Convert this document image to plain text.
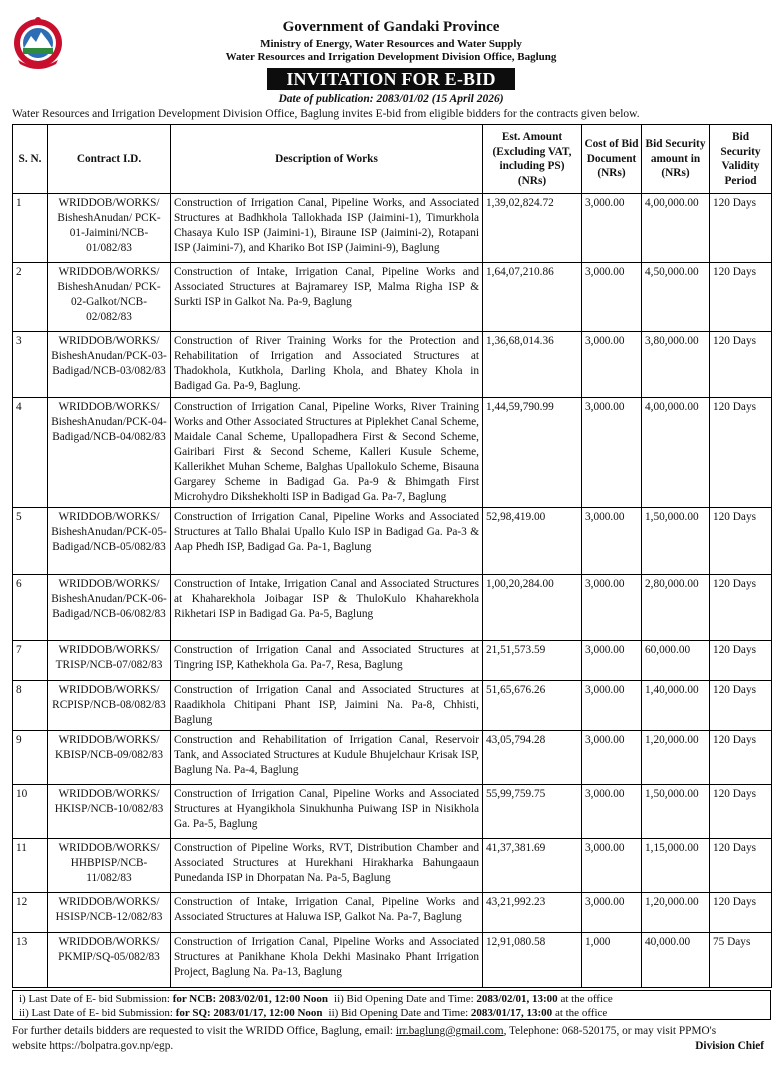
Government of Gandaki Province
Ministry of Energy, Water Resources and Water Supply
Water Resources and Irrigation Development Division Office, Baglung
INVITATION FOR E-BID
Date of publication: 2083/01/02 (15 April 2026)
Water Resources and Irrigation Development Division Office, Baglung invites E-bid from eligible bidders for the contracts given below.
S. N.	Contract I.D.	Description of Works	Est. Amount (Excluding VAT, including PS) (NRs)	Cost of Bid Document (NRs)	Bid Security amount in (NRs)	Bid Security Validity Period
1	WRIDDOB/WORKS/ BisheshAnudan/ PCK-01-Jaimini/NCB-01/082/83	Construction of Irrigation Canal, Pipeline Works, and Associated Structures at Badhkhola Tallokhada ISP (Jaimini-1), Timurkhola Chasaya Kulo ISP (Jaimini-1), Biraune ISP (Jaimini-2), Rotapani ISP (Jaimini-7), and Khariko Bot ISP (Jaimini-9), Baglung	1,39,02,824.72	3,000.00	4,00,000.00	120 Days
2	WRIDDOB/WORKS/ BisheshAnudan/ PCK-02-Galkot/NCB-02/082/83	Construction of Intake, Irrigation Canal, Pipeline Works and Associated Structures at Bajramarey ISP, Malma Righa ISP & Surkti ISP in Galkot Na. Pa-9, Baglung	1,64,07,210.86	3,000.00	4,50,000.00	120 Days
3	WRIDDOB/WORKS/ BisheshAnudan/PCK-03-Badigad/NCB-03/082/83	Construction of River Training Works for the Protection and Rehabilitation of Irrigation and Associated Structures at Thadokhola, Kutkhola, Darling Khola, and Bhatey Khola in Badigad Ga. Pa-9, Baglung.	1,36,68,014.36	3,000.00	3,80,000.00	120 Days
4	WRIDDOB/WORKS/ BisheshAnudan/PCK-04-Badigad/NCB-04/082/83	Construction of Irrigation Canal, Pipeline Works, River Training Works and Other Associated Structures at Piplekhet Canal Scheme, Maidale Canal Scheme, Upallopadhera First & Second Scheme, Gairibari First & Second Scheme, Kalleri Kusule Scheme, Kallerikhet Muhan Scheme, Balghas Upallokulo Scheme, Bisauna Gargarey Scheme in Badigad Ga. Pa-9 & Bhimgath First Microhydro Dikshekholti ISP in Badigad Ga. Pa-7, Baglung	1,44,59,790.99	3,000.00	4,00,000.00	120 Days
5	WRIDDOB/WORKS/ BisheshAnudan/PCK-05-Badigad/NCB-05/082/83	Construction of Irrigation Canal, Pipeline Works and Associated Structures at Tallo Bhalai Upallo Kulo ISP in Badigad Ga. Pa-3 & Aap Phedh ISP, Badigad Ga. Pa-1, Baglung	52,98,419.00	3,000.00	1,50,000.00	120 Days
6	WRIDDOB/WORKS/ BisheshAnudan/PCK-06-Badigad/NCB-06/082/83	Construction of Intake, Irrigation Canal and Associated Structures at Khaharekhola Joibagar ISP & ThuloKulo Khaharekhola Rikhetari ISP in Badigad Ga. Pa-5, Baglung	1,00,20,284.00	3,000.00	2,80,000.00	120 Days
7	WRIDDOB/WORKS/ TRISP/NCB-07/082/83	Construction of Irrigation Canal and Associated Structures at Tingring ISP, Kathekhola Ga. Pa-7, Resa, Baglung	21,51,573.59	3,000.00	60,000.00	120 Days
8	WRIDDOB/WORKS/ RCPISP/NCB-08/082/83	Construction of Irrigation Canal and Associated Structures at Raadikhola Chitipani Phant ISP, Jaimini Na. Pa-8, Chhisti, Baglung	51,65,676.26	3,000.00	1,40,000.00	120 Days
9	WRIDDOB/WORKS/ KBISP/NCB-09/082/83	Construction and Rehabilitation of Irrigation Canal, Reservoir Tank, and Associated Structures at Kudule Bhujelchaur Krisak ISP, Baglung Na. Pa-4, Baglung	43,05,794.28	3,000.00	1,20,000.00	120 Days
10	WRIDDOB/WORKS/ HKISP/NCB-10/082/83	Construction of Irrigation Canal, Pipeline Works and Associated Structures at Hyangikhola Sinukhunha Puiwang ISP in Nisikhola Ga. Pa-5, Baglung	55,99,759.75	3,000.00	1,50,000.00	120 Days
11	WRIDDOB/WORKS/ HHBPISP/NCB-11/082/83	Construction of Pipeline Works, RVT, Distribution Chamber and Associated Structures at Hurekhani Hirakharka Bahungaaun Punedanda ISP in Dhorpatan Na. Pa-5, Baglung	41,37,381.69	3,000.00	1,15,000.00	120 Days
12	WRIDDOB/WORKS/ HSISP/NCB-12/082/83	Construction of Intake, Irrigation Canal, Pipeline Works and Associated Structures at Haluwa ISP, Galkot Na. Pa-7, Baglung	43,21,992.23	3,000.00	1,20,000.00	120 Days
13	WRIDDOB/WORKS/ PKMIP/SQ-05/082/83	Construction of Irrigation Canal, Pipeline Works and Associated Structures at Panikhane Khola Dekhi Masinako Phant Irrigation Project, Baglung Na. Pa-13, Baglung	12,91,080.58	1,000	40,000.00	75 Days
i) Last Date of E- bid Submission: for NCB: 2083/02/01, 12:00 Noon ii) Bid Opening Date and Time: 2083/02/01, 13:00 at the office
ii) Last Date of E- bid Submission: for SQ: 2083/01/17, 12:00 Noon ii) Bid Opening Date and Time: 2083/01/17, 13:00 at the office
For further details bidders are requested to visit the WRIDD Office, Baglung, email: irr.baglung@gmail.com, Telephone: 068-520175, or may visit PPMO's
website https://bolpatra.gov.np/egp.	Division Chief
